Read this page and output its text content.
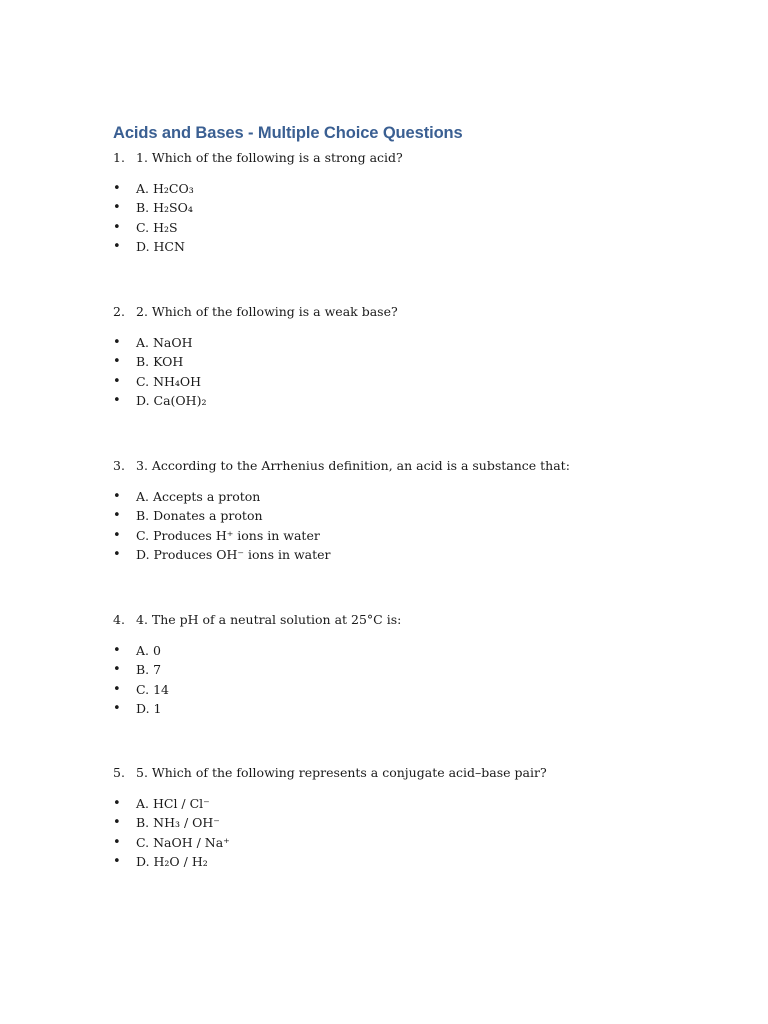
Acids and Bases - Multiple Choice Questions
1. 1. Which of the following is a strong acid?
• A. H₂CO₃
• B. H₂SO₄
• C. H₂S
• D. HCN
2. 2. Which of the following is a weak base?
• A. NaOH
• B. KOH
• C. NH₄OH
• D. Ca(OH)₂
3. 3. According to the Arrhenius definition, an acid is a substance that:
• A. Accepts a proton
• B. Donates a proton
• C. Produces H⁺ ions in water
• D. Produces OH⁻ ions in water
4. 4. The pH of a neutral solution at 25°C is:
• A. 0
• B. 7
• C. 14
• D. 1
5. 5. Which of the following represents a conjugate acid–base pair?
• A. HCl / Cl⁻
• B. NH₃ / OH⁻
• C. NaOH / Na⁺
• D. H₂O / H₂
